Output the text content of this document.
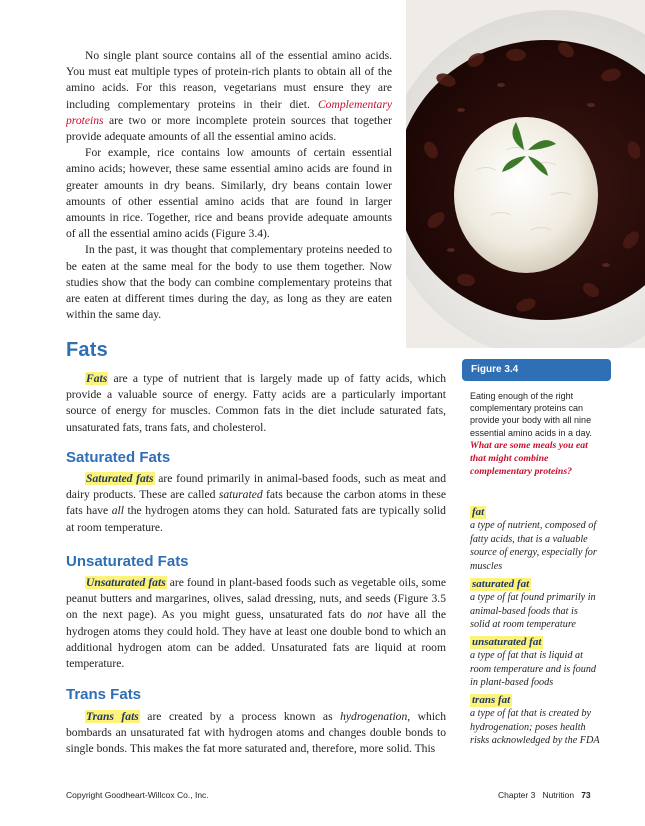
No single plant source contains all of the essential amino acids. You must eat multiple types of protein-rich plants to obtain all of the amino acids. For this reason, vegetarians must ensure they are including complementary proteins in their diet. Complementary proteins are two or more incomplete protein sources that together provide adequate amounts of all the essential amino acids.

For example, rice contains low amounts of certain essential amino acids; however, these same essential amino acids are found in greater amounts in dry beans. Similarly, dry beans contain lower amounts of other essential amino acids that are found in larger amounts in rice. Together, rice and beans provide adequate amounts of all the essential amino acids (Figure 3.4).

In the past, it was thought that complementary proteins needed to be eaten at the same meal for the body to use them together. Now studies show that the body can combine complementary proteins that are eaten at different times during the day, as long as they are eaten within the same day.

Fats

Fats are a type of nutrient that is largely made up of fatty acids, which provide a valuable source of energy. Fatty acids are a particularly important source of energy for muscles. Common fats in the diet include saturated fats, unsaturated fats, trans fats, and cholesterol.

Saturated Fats

Saturated fats are found primarily in animal-based foods, such as meat and dairy products. These are called saturated fats because the carbon atoms in these fats have all the hydrogen atoms they can hold. Saturated fats are typically solid at room temperature.

Unsaturated Fats

Unsaturated fats are found in plant-based foods such as vegetable oils, some peanut butters and margarines, olives, salad dressing, nuts, and seeds (Figure 3.5 on the next page). As you might guess, unsaturated fats do not have all the hydrogen atoms they could hold. They have at least one double bond to which an additional hydrogen atom can be added. Unsaturated fats are liquid at room temperature.

Trans Fats

Trans fats are created by a process known as hydrogenation, which bombards an unsaturated fat with hydrogen atoms and changes double bonds to single bonds. This makes the fat more saturated and, therefore, more solid. This

Figure 3.4
Eating enough of the right complementary proteins can provide your body with all nine essential amino acids in a day. What are some meals you eat that might combine complementary proteins?
fat
a type of nutrient, composed of fatty acids, that is a valuable source of energy, especially for muscles
saturated fat
a type of fat found primarily in animal-based foods that is solid at room temperature
unsaturated fat
a type of fat that is liquid at room temperature and is found in plant-based foods
trans fat
a type of fat that is created by hydrogenation; poses health risks acknowledged by the FDA
Copyright Goodheart-Willcox Co., Inc.	Chapter 3 Nutrition 73
